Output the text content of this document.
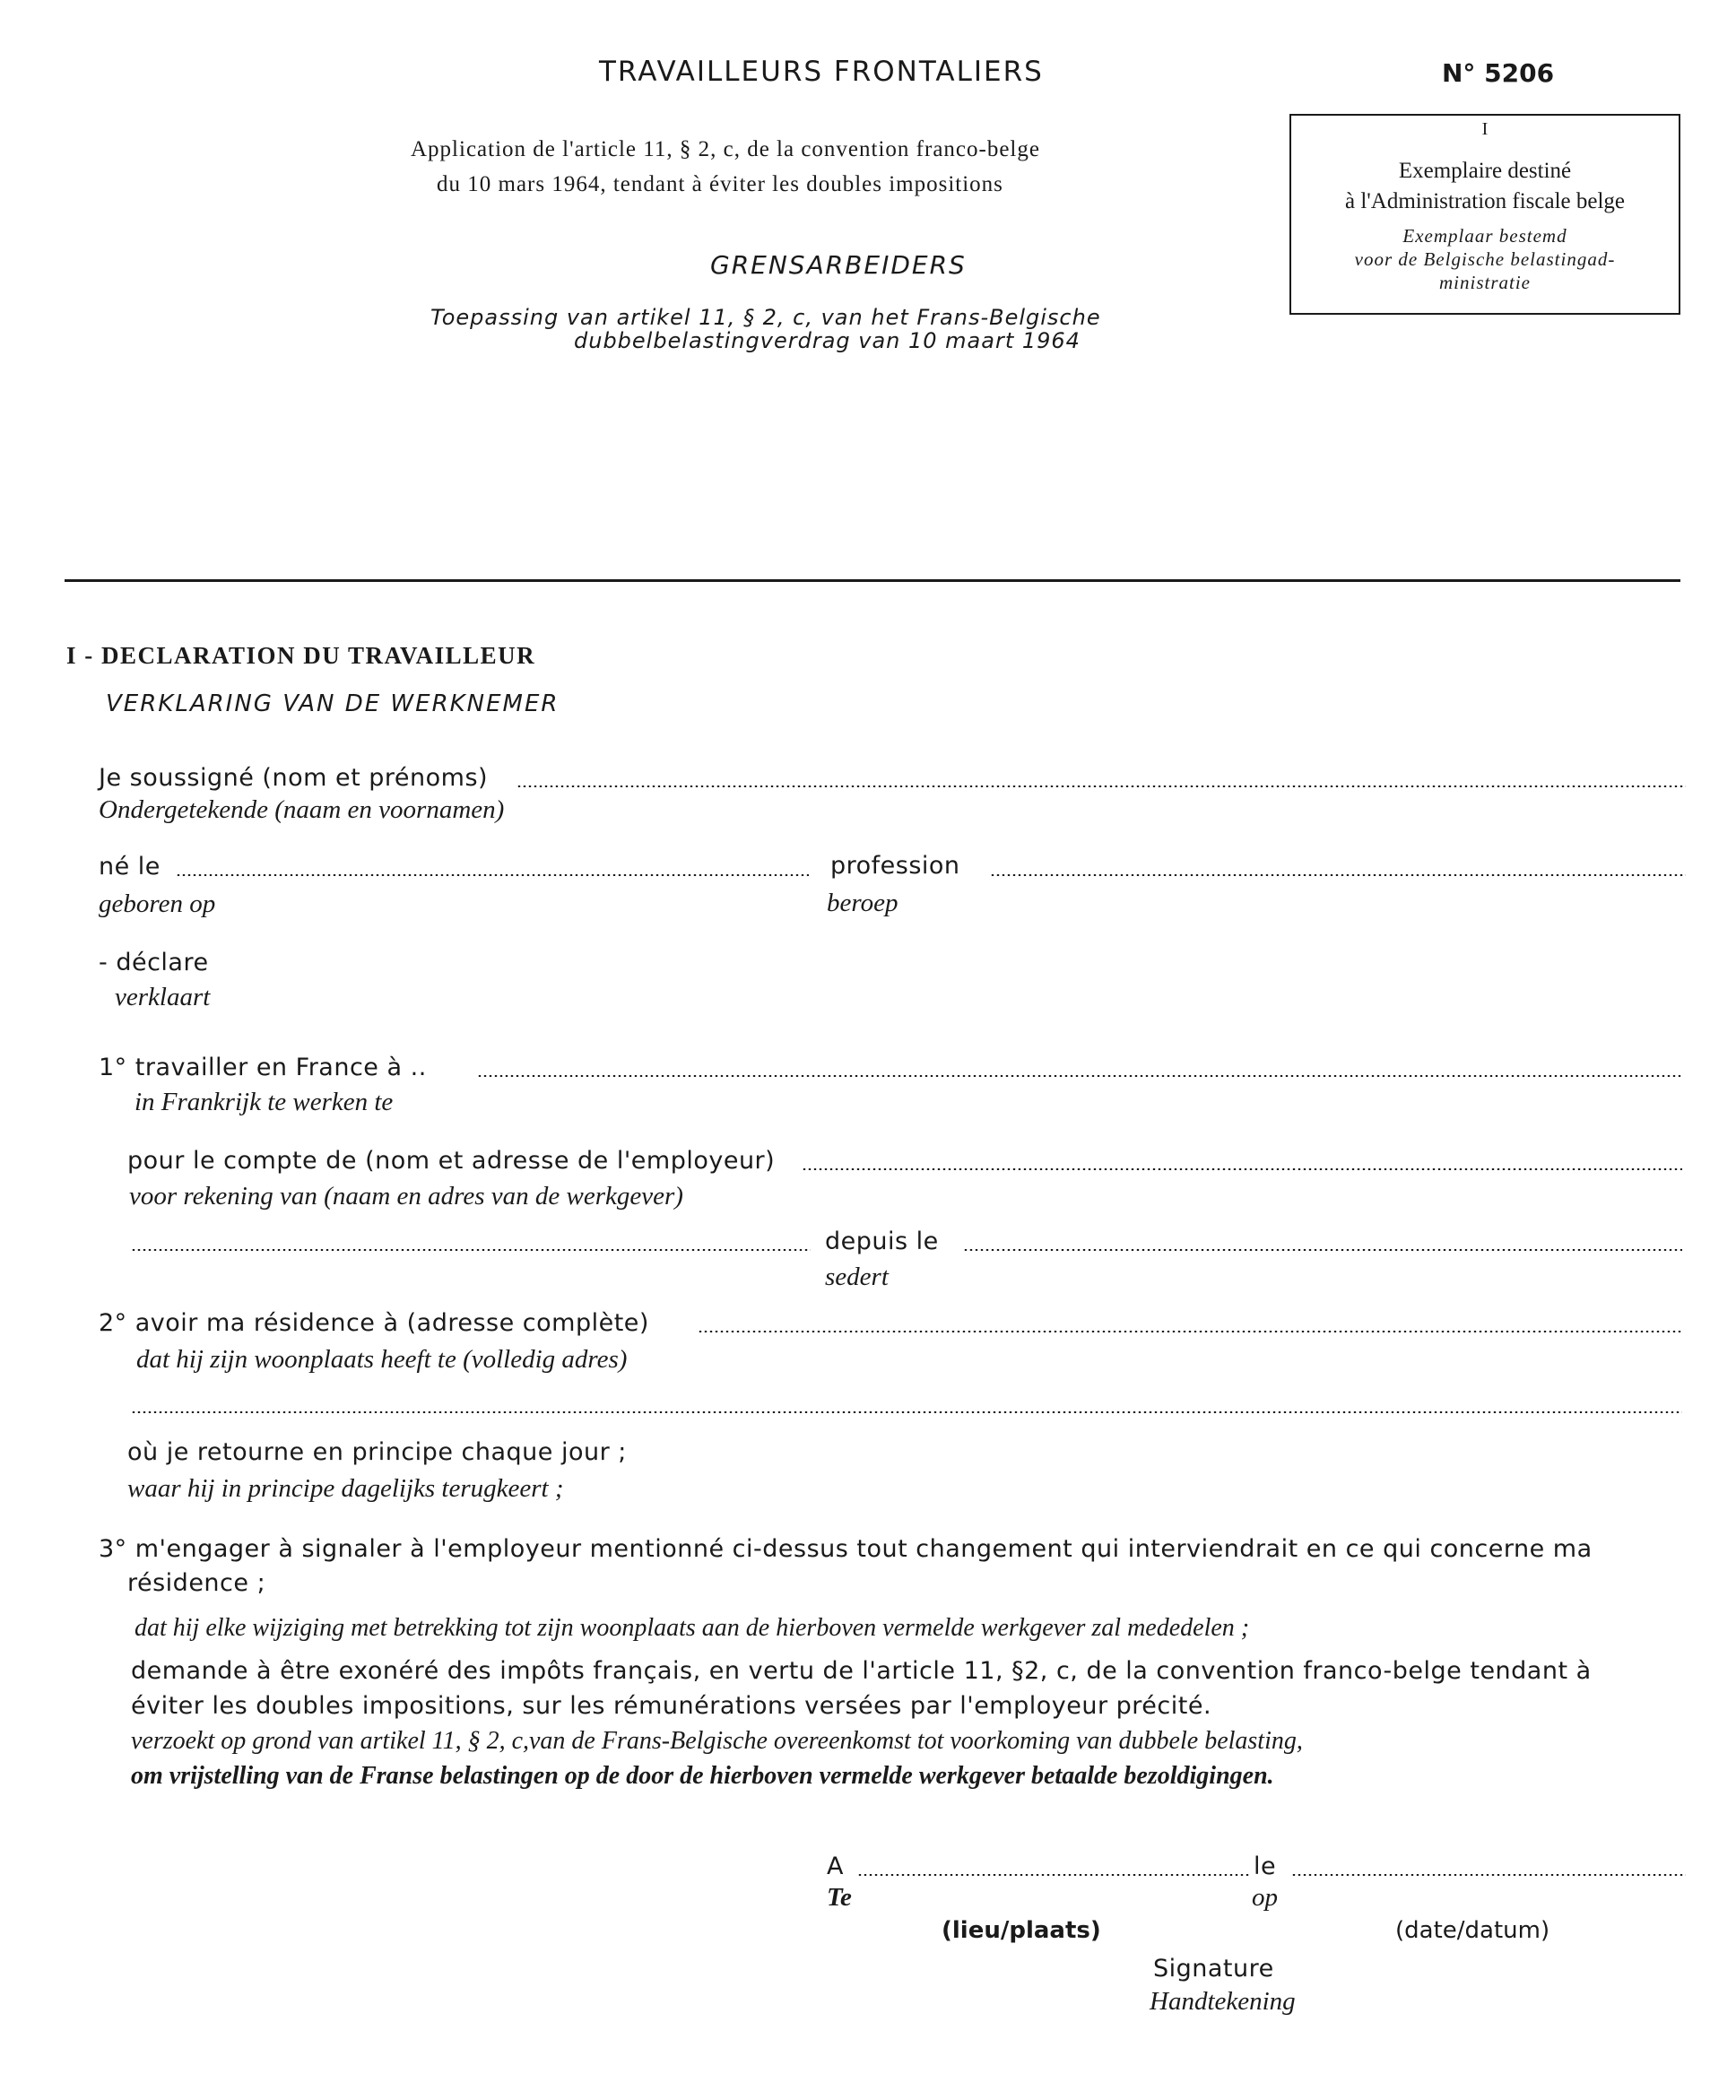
TRAVAILLEURS FRONTALIERS	N° 5206
Application de l'article 11, § 2, c, de la convention franco-belge
du 10 mars 1964, tendant à éviter les doubles impositions
GRENSARBEIDERS
Toepassing van artikel 11, § 2, c, van het Frans-Belgische
dubbelbelastingverdrag van 10 maart 1964
I
Exemplaire destiné
à l'Administration fiscale belge
Exemplaar bestemd
voor de Belgische belastingad-
ministratie
I - DECLARATION DU TRAVAILLEUR
VERKLARING VAN DE WERKNEMER
Je soussigné (nom et prénoms)
Ondergetekende (naam en voornamen)
né le
geboren op
profession
beroep
- déclare
verklaart
1° travailler en France à ..
in Frankrijk te werken te
pour le compte de (nom et adresse de l'employeur)
voor rekening van (naam en adres van de werkgever)
depuis le
sedert
2° avoir ma résidence à (adresse complète)
dat hij zijn woonplaats heeft te (volledig adres)
où je retourne en principe chaque jour ;
waar hij in principe dagelijks terugkeert ;
3° m'engager à signaler à l'employeur mentionné ci-dessus tout changement qui interviendrait en ce qui concerne ma
résidence ;
dat hij elke wijziging met betrekking tot zijn woonplaats aan de hierboven vermelde werkgever zal mededelen ;
demande à être exonéré des impôts français, en vertu de l'article 11, §2, c, de la convention franco-belge tendant à
éviter les doubles impositions, sur les rémunérations versées par l'employeur précité.
verzoekt op grond van artikel 11, § 2, c,van de Frans-Belgische overeenkomst tot voorkoming van dubbele belasting,
om vrijstelling van de Franse belastingen op de door de hierboven vermelde werkgever betaalde bezoldigingen.
A
Te
le
op
(lieu/plaats)	(date/datum)
Signature
Handtekening
